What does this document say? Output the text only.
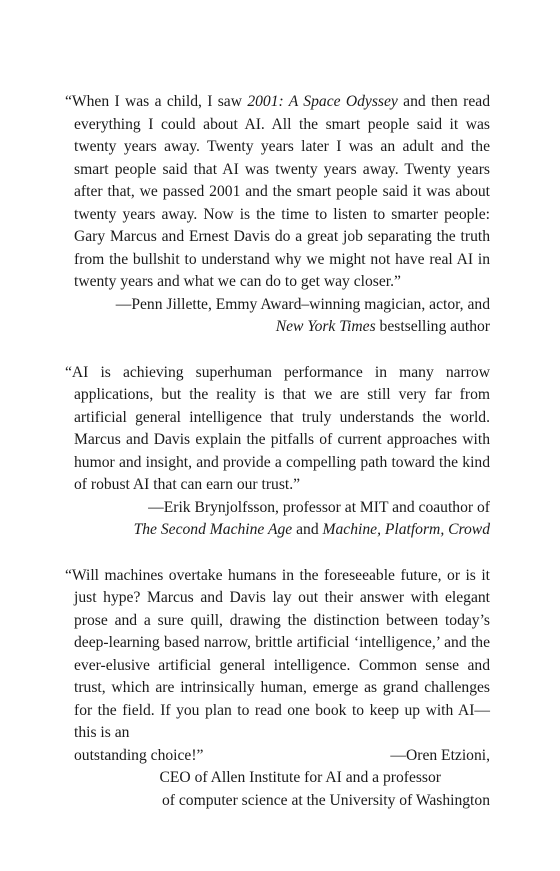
“When I was a child, I saw 2001: A Space Odyssey and then read everything I could about AI. All the smart people said it was twenty years away. Twenty years later I was an adult and the smart people said that AI was twenty years away. Twenty years after that, we passed 2001 and the smart people said it was about twenty years away. Now is the time to listen to smarter people: Gary Marcus and Ernest Davis do a great job separating the truth from the bullshit to understand why we might not have real AI in twenty years and what we can do to get way closer.”

—Penn Jillette, Emmy Award–winning magician, actor, and
New York Times bestselling author

“AI is achieving superhuman performance in many narrow applications, but the reality is that we are still very far from artificial general intelligence that truly understands the world. Marcus and Davis explain the pitfalls of current approaches with humor and insight, and provide a compelling path toward the kind of robust AI that can earn our trust.”

—Erik Brynjolfsson, professor at MIT and coauthor of
The Second Machine Age and Machine, Platform, Crowd

“Will machines overtake humans in the foreseeable future, or is it just hype? Marcus and Davis lay out their answer with elegant prose and a sure quill, drawing the distinction between today’s deep-learning based narrow, brittle artificial ‘intelligence,’ and the ever-elusive artificial general intelligence. Common sense and trust, which are intrinsically human, emerge as grand challenges for the field. If you plan to read one book to keep up with AI—this is an

outstanding choice!”	—Oren Etzioni,

CEO of Allen Institute for AI and a professor
of computer science at the University of Washington
